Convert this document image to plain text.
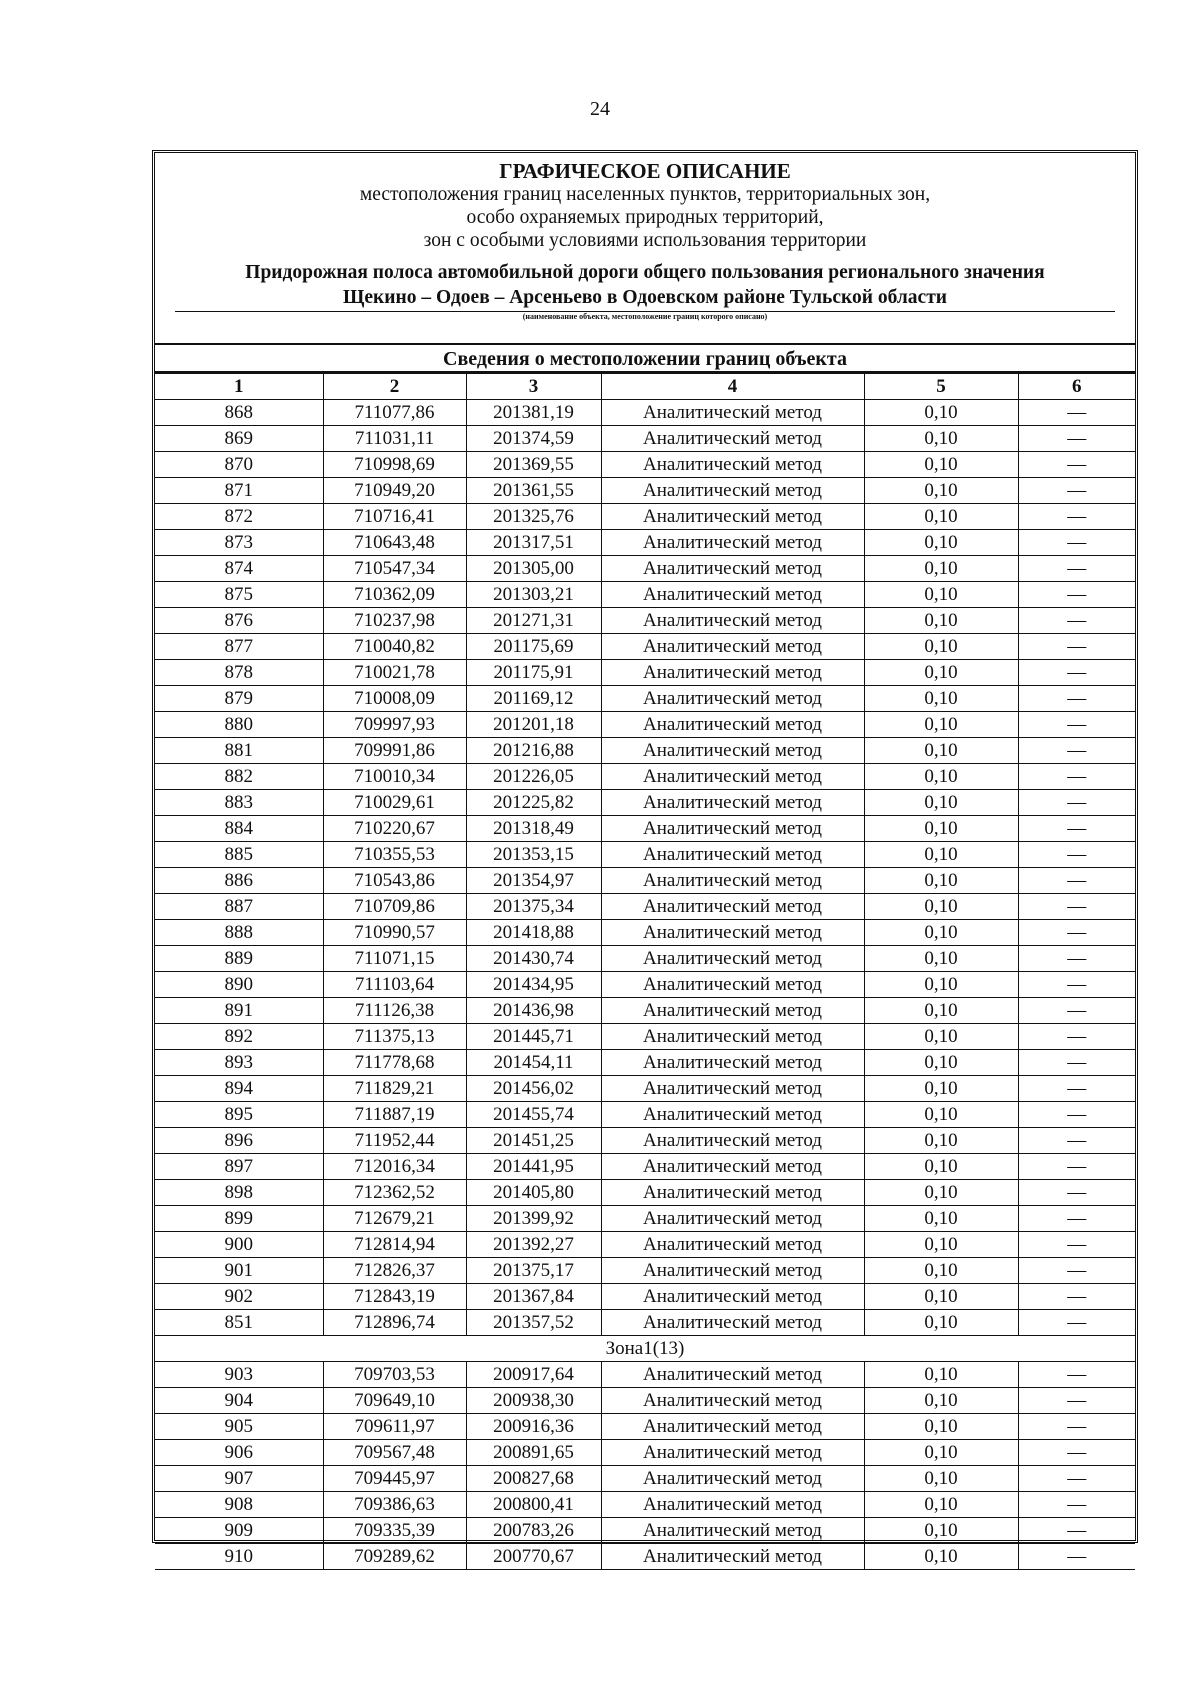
24
ГРАФИЧЕСКОЕ ОПИСАНИЕ
местоположения границ населенных пунктов, территориальных зон,
особо охраняемых природных территорий,
зон с особыми условиями использования территории
Придорожная полоса автомобильной дороги общего пользования регионального значения
Щекино – Одоев – Арсеньево в Одоевском районе Тульской области
(наименование объекта, местоположение границ которого описано)
Сведения о местоположении границ объекта
1	2	3	4	5	6
868	711077,86	201381,19	Аналитический метод	0,10	—
869	711031,11	201374,59	Аналитический метод	0,10	—
870	710998,69	201369,55	Аналитический метод	0,10	—
871	710949,20	201361,55	Аналитический метод	0,10	—
872	710716,41	201325,76	Аналитический метод	0,10	—
873	710643,48	201317,51	Аналитический метод	0,10	—
874	710547,34	201305,00	Аналитический метод	0,10	—
875	710362,09	201303,21	Аналитический метод	0,10	—
876	710237,98	201271,31	Аналитический метод	0,10	—
877	710040,82	201175,69	Аналитический метод	0,10	—
878	710021,78	201175,91	Аналитический метод	0,10	—
879	710008,09	201169,12	Аналитический метод	0,10	—
880	709997,93	201201,18	Аналитический метод	0,10	—
881	709991,86	201216,88	Аналитический метод	0,10	—
882	710010,34	201226,05	Аналитический метод	0,10	—
883	710029,61	201225,82	Аналитический метод	0,10	—
884	710220,67	201318,49	Аналитический метод	0,10	—
885	710355,53	201353,15	Аналитический метод	0,10	—
886	710543,86	201354,97	Аналитический метод	0,10	—
887	710709,86	201375,34	Аналитический метод	0,10	—
888	710990,57	201418,88	Аналитический метод	0,10	—
889	711071,15	201430,74	Аналитический метод	0,10	—
890	711103,64	201434,95	Аналитический метод	0,10	—
891	711126,38	201436,98	Аналитический метод	0,10	—
892	711375,13	201445,71	Аналитический метод	0,10	—
893	711778,68	201454,11	Аналитический метод	0,10	—
894	711829,21	201456,02	Аналитический метод	0,10	—
895	711887,19	201455,74	Аналитический метод	0,10	—
896	711952,44	201451,25	Аналитический метод	0,10	—
897	712016,34	201441,95	Аналитический метод	0,10	—
898	712362,52	201405,80	Аналитический метод	0,10	—
899	712679,21	201399,92	Аналитический метод	0,10	—
900	712814,94	201392,27	Аналитический метод	0,10	—
901	712826,37	201375,17	Аналитический метод	0,10	—
902	712843,19	201367,84	Аналитический метод	0,10	—
851	712896,74	201357,52	Аналитический метод	0,10	—
Зона1(13)					
903	709703,53	200917,64	Аналитический метод	0,10	—
904	709649,10	200938,30	Аналитический метод	0,10	—
905	709611,97	200916,36	Аналитический метод	0,10	—
906	709567,48	200891,65	Аналитический метод	0,10	—
907	709445,97	200827,68	Аналитический метод	0,10	—
908	709386,63	200800,41	Аналитический метод	0,10	—
909	709335,39	200783,26	Аналитический метод	0,10	—
910	709289,62	200770,67	Аналитический метод	0,10	—
